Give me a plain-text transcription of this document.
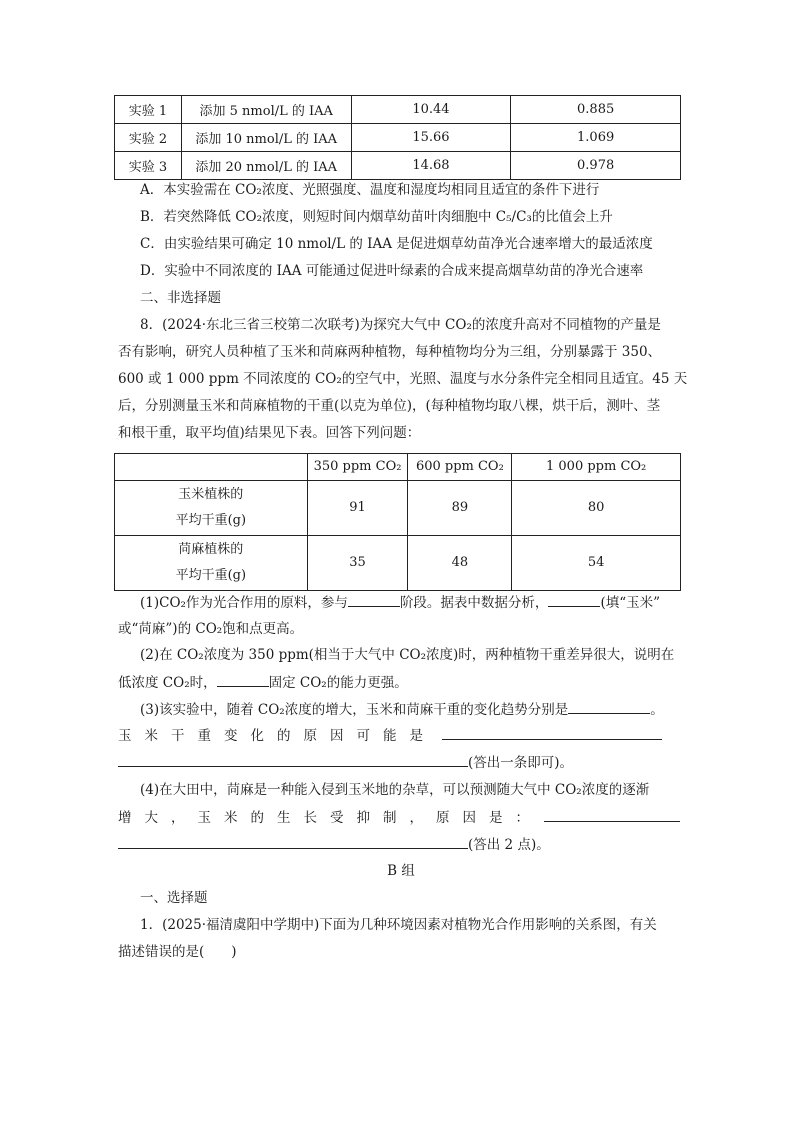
实验 1	添加 5 nmol/L 的 IAA	10.44	0.885
实验 2	添加 10 nmol/L 的 IAA	15.66	1.069
实验 3	添加 20 nmol/L 的 IAA	14.68	0.978
A．本实验需在 CO₂浓度、光照强度、温度和湿度均相同且适宜的条件下进行
B．若突然降低 CO₂浓度，则短时间内烟草幼苗叶肉细胞中 C₅/C₃的比值会上升
C．由实验结果可确定 10 nmol/L 的 IAA 是促进烟草幼苗净光合速率增大的最适浓度
D．实验中不同浓度的 IAA 可能通过促进叶绿素的合成来提高烟草幼苗的净光合速率
二、非选择题
8．(2024·东北三省三校第二次联考)为探究大气中 CO₂的浓度升高对不同植物的产量是
否有影响，研究人员种植了玉米和苘麻两种植物，每种植物均分为三组，分别暴露于 350、
600 或 1 000 ppm 不同浓度的 CO₂的空气中，光照、温度与水分条件完全相同且适宜。45 天
后，分别测量玉米和苘麻植物的干重(以克为单位)，(每种植物均取八棵，烘干后，测叶、茎
和根干重，取平均值)结果见下表。回答下列问题：
	350 ppm CO₂	600 ppm CO₂	1 000 ppm CO₂

玉米植株的
平均干重(g)	91	89	80

苘麻植株的
平均干重(g)	35	48	54
(1)CO₂作为光合作用的原料，参与	阶段。据表中数据分析，	(填“玉米”
或“苘麻”)的 CO₂饱和点更高。
(2)在 CO₂浓度为 350 ppm(相当于大气中 CO₂浓度)时，两种植物干重差异很大，说明在
低浓度 CO₂时，	固定 CO₂的能力更强。
(3)该实验中，随着 CO₂浓度的增大，玉米和苘麻干重的变化趋势分别是	。
玉米干重变化的原因可能是
(答出一条即可)。
(4)在大田中，苘麻是一种能入侵到玉米地的杂草，可以预测随大气中 CO₂浓度的逐渐
增大，玉米的生长受抑制，原因是：
(答出 2 点)。
B 组
一、选择题
1．(2025·福清虞阳中学期中)下面为几种环境因素对植物光合作用影响的关系图，有关
描述错误的是(　　)
